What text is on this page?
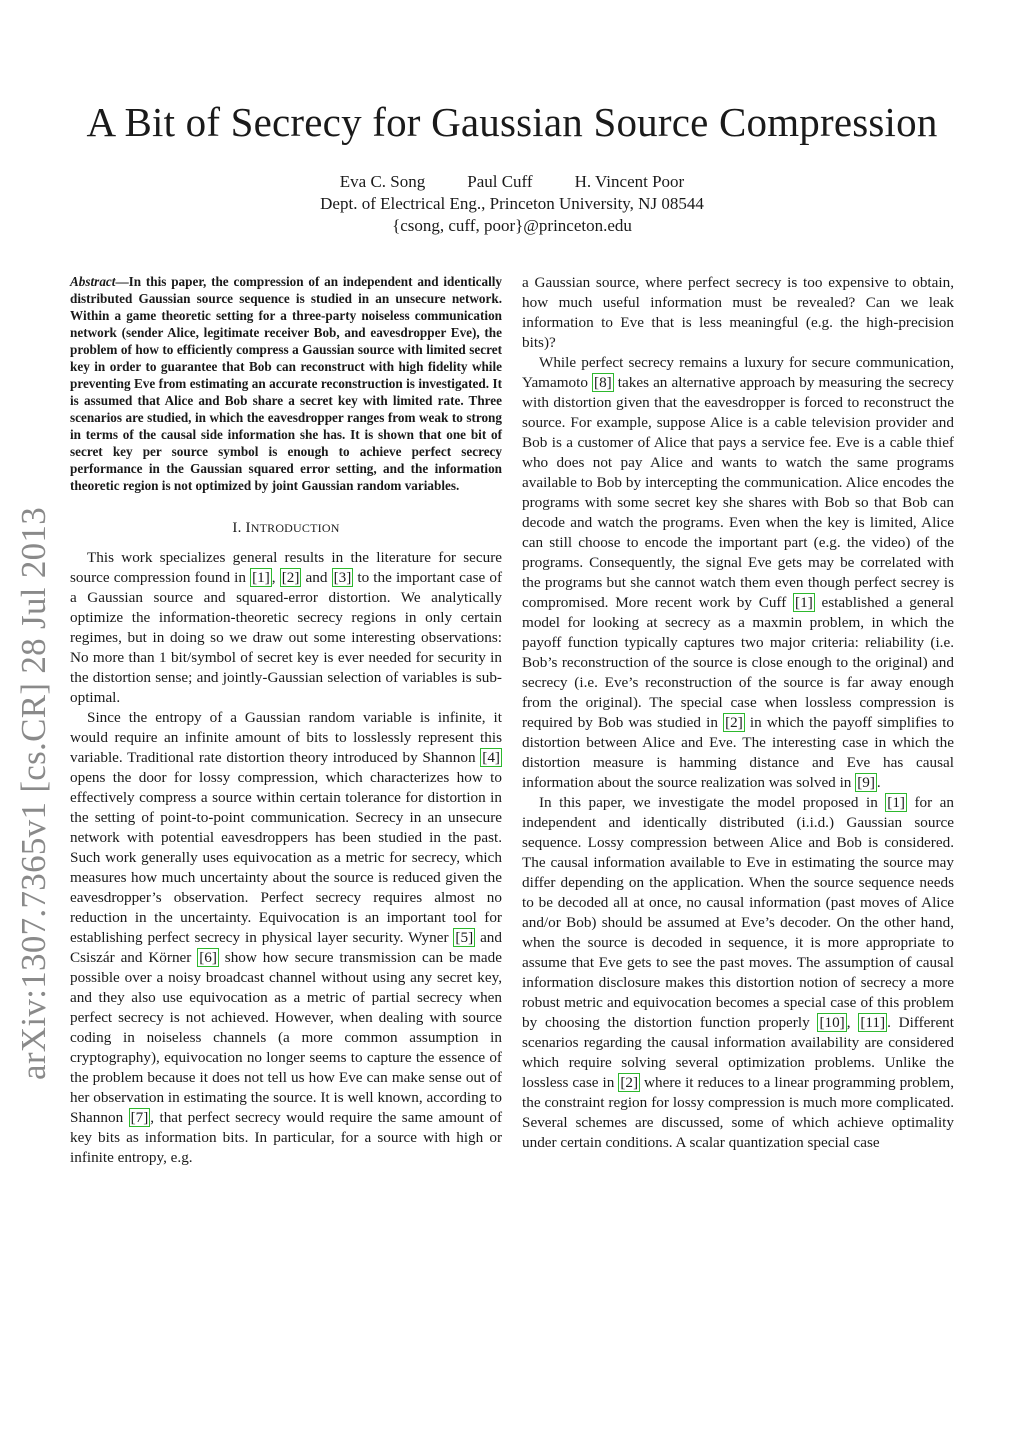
arXiv:1307.7365v1 [cs.CR] 28 Jul 2013
A Bit of Secrecy for Gaussian Source Compression
Eva C. Song Paul Cuff H. Vincent Poor
Dept. of Electrical Eng., Princeton University, NJ 08544
{csong, cuff, poor}@princeton.edu
Abstract—In this paper, the compression of an independent and identically distributed Gaussian source sequence is studied in an unsecure network. Within a game theoretic setting for a three-party noiseless communication network (sender Alice, legitimate receiver Bob, and eavesdropper Eve), the problem of how to efficiently compress a Gaussian source with limited secret key in order to guarantee that Bob can reconstruct with high fidelity while preventing Eve from estimating an accurate reconstruction is investigated. It is assumed that Alice and Bob share a secret key with limited rate. Three scenarios are studied, in which the eavesdropper ranges from weak to strong in terms of the causal side information she has. It is shown that one bit of secret key per source symbol is enough to achieve perfect secrecy performance in the Gaussian squared error setting, and the information theoretic region is not optimized by joint Gaussian random variables.
I. INTRODUCTION

This work specializes general results in the literature for secure source compression found in [1] , [2] and [3] to the important case of a Gaussian source and squared-error distortion. We analytically optimize the information-theoretic secrecy regions in only certain regimes, but in doing so we draw out some interesting observations: No more than 1 bit/symbol of secret key is ever needed for security in the distortion sense; and jointly-Gaussian selection of variables is sub-optimal.

Since the entropy of a Gaussian random variable is infinite, it would require an infinite amount of bits to losslessly represent this variable. Traditional rate distortion theory introduced by Shannon [4] opens the door for lossy compression, which characterizes how to effectively compress a source within certain tolerance for distortion in the setting of point-to-point communication. Secrecy in an unsecure network with potential eavesdroppers has been studied in the past. Such work generally uses equivocation as a metric for secrecy, which measures how much uncertainty about the source is reduced given the eavesdropper’s observation. Perfect secrecy requires almost no reduction in the uncertainty. Equivocation is an important tool for establishing perfect secrecy in physical layer security. Wyner [5] and Csiszár and Körner [6] show how secure transmission can be made possible over a noisy broadcast channel without using any secret key, and they also use equivocation as a metric of partial secrecy when perfect secrecy is not achieved. However, when dealing with source coding in noiseless channels (a more common assumption in cryptography), equivocation no longer seems to capture the essence of the problem because it does not tell us how Eve can make sense out of her observation in estimating the source. It is well known, according to Shannon [7] , that perfect secrecy would require the same amount of key bits as information bits. In particular, for a source with high or infinite entropy, e.g.

a Gaussian source, where perfect secrecy is too expensive to obtain, how much useful information must be revealed? Can we leak information to Eve that is less meaningful (e.g. the high-precision bits)?

While perfect secrecy remains a luxury for secure communication, Yamamoto [8] takes an alternative approach by measuring the secrecy with distortion given that the eavesdropper is forced to reconstruct the source. For example, suppose Alice is a cable television provider and Bob is a customer of Alice that pays a service fee. Eve is a cable thief who does not pay Alice and wants to watch the same programs available to Bob by intercepting the communication. Alice encodes the programs with some secret key she shares with Bob so that Bob can decode and watch the programs. Even when the key is limited, Alice can still choose to encode the important part (e.g. the video) of the programs. Consequently, the signal Eve gets may be correlated with the programs but she cannot watch them even though perfect secrey is compromised. More recent work by Cuff [1] established a general model for looking at secrecy as a maxmin problem, in which the payoff function typically captures two major criteria: reliability (i.e. Bob’s reconstruction of the source is close enough to the original) and secrecy (i.e. Eve’s reconstruction of the source is far away enough from the original). The special case when lossless compression is required by Bob was studied in [2] in which the payoff simplifies to distortion between Alice and Eve. The interesting case in which the distortion measure is hamming distance and Eve has causal information about the source realization was solved in [9] .

In this paper, we investigate the model proposed in [1] for an independent and identically distributed (i.i.d.) Gaussian source sequence. Lossy compression between Alice and Bob is considered. The causal information available to Eve in estimating the source may differ depending on the application. When the source sequence needs to be decoded all at once, no causal information (past moves of Alice and/or Bob) should be assumed at Eve’s decoder. On the other hand, when the source is decoded in sequence, it is more appropriate to assume that Eve gets to see the past moves. The assumption of causal information disclosure makes this distortion notion of secrecy a more robust metric and equivocation becomes a special case of this problem by choosing the distortion function properly [10] , [11] . Different scenarios regarding the causal information availability are considered which require solving several optimization problems. Unlike the lossless case in [2] where it reduces to a linear programming problem, the constraint region for lossy compression is much more complicated. Several schemes are discussed, some of which achieve optimality under certain conditions. A scalar quantization special case
